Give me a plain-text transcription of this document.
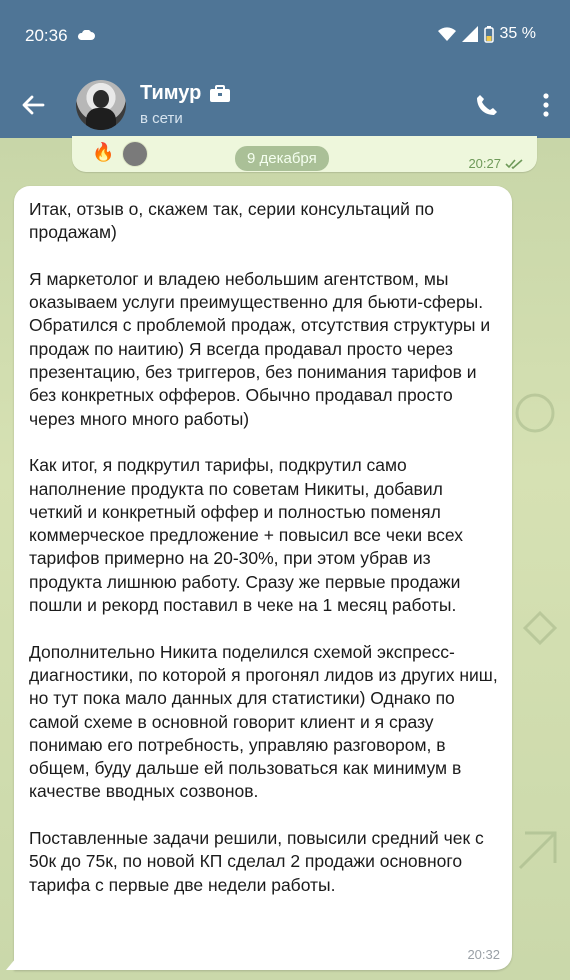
20:36	35 %
Тимур
в сети
🔥
20:27
9 декабря
Итак, отзыв о, скажем так, серии консультаций по продажам)

Я маркетолог и владею небольшим агентством, мы оказываем услуги преимущественно для бьюти-сферы.
Обратился с проблемой продаж, отсутствия структуры и продаж по наитию) Я всегда продавал просто через презентацию, без триггеров, без понимания тарифов и без конкретных офферов. Обычно продавал просто через много много работы)

Как итог, я подкрутил тарифы, подкрутил само наполнение продукта по советам Никиты, добавил четкий и конкретный оффер и полностью поменял коммерческое предложение + повысил все чеки всех тарифов примерно на 20-30%, при этом убрав из продукта лишнюю работу. Сразу же первые продажи пошли и рекорд поставил в чеке на 1 месяц работы.

Дополнительно Никита поделился схемой экспресс-диагностики, по которой я прогонял лидов из других ниш, но тут пока мало данных для статистики) Однако по самой схеме в основной говорит клиент и я сразу понимаю его потребность, управляю разговором, в общем, буду дальше ей пользоваться как минимум в качестве вводных созвонов.

Поставленные задачи решили, повысили средний чек с 50к до 75к, по новой КП сделал 2 продажи основного тарифа с первые две недели работы.
20:32
